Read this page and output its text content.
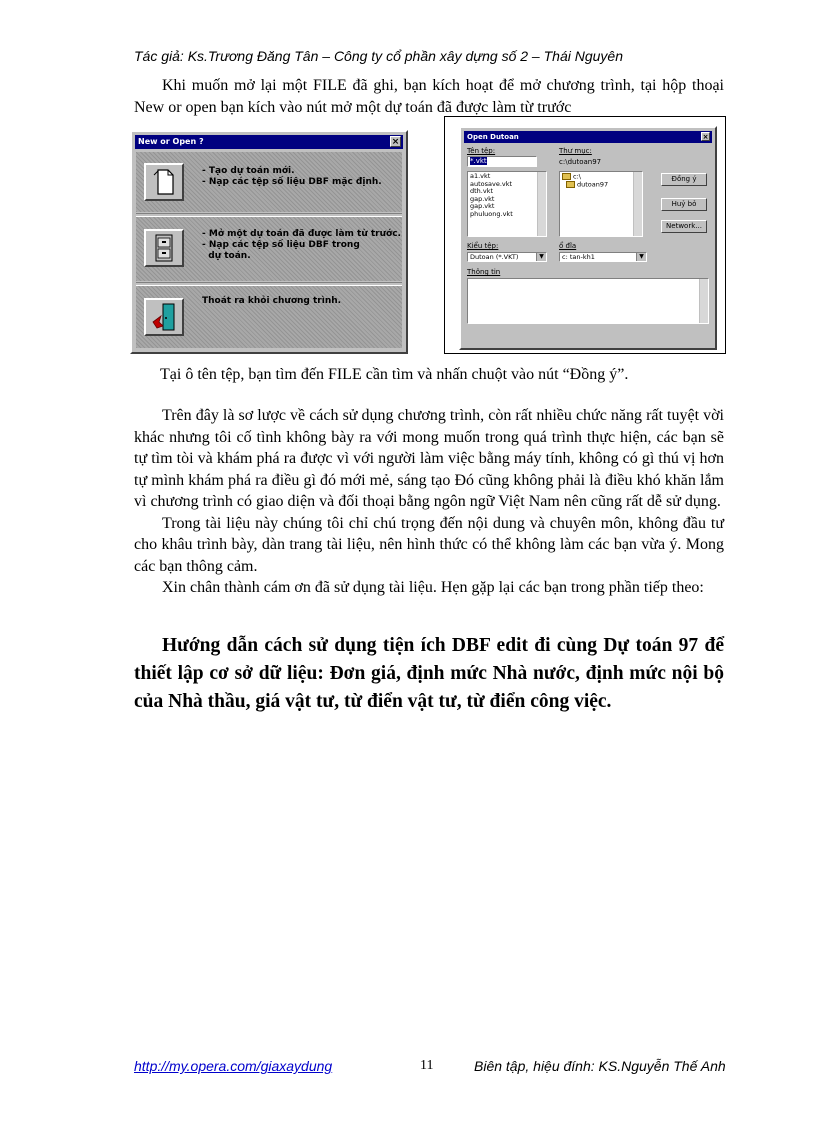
Tác giả: Ks.Trương Đăng Tân – Công ty cổ phần xây dựng số 2 – Thái Nguyên
Khi muốn mở lại một FILE đã ghi, bạn kích hoạt để mở chương trình, tại hộp thoại New or open bạn kích vào nút mở một dự toán đã được làm từ trước
New or Open ?	×
- Tạo dự toán mới.
- Nạp các tệp số liệu DBF mặc định.
- Mở một dự toán đã được làm từ trước.
- Nạp các tệp số liệu DBF trong
dự toán.
Thoát ra khỏi chương trình.
Open Dutoan	×
Tên tệp:
*.vkt
Thư mục:
c:\dutoan97
a1.vkt
autosave.vkt
dth.vkt
gap.vkt
gap.vkt
phuluong.vkt
c:\
dutoan97
Đồng ý
Huỷ bỏ
Network...
Kiểu tệp:
Dutoan (*.VKT)	▼
ổ đĩa
c: tan-kh1	▼
Thông tin
Tại ô tên tệp, bạn tìm đến FILE cần tìm và nhấn chuột vào nút “Đồng ý”.

Trên đây là sơ lược về cách sử dụng chương trình, còn rất nhiều chức năng rất tuyệt vời khác nhưng tôi cố tình không bày ra với mong muốn trong quá trình thực hiện, các bạn sẽ tự tìm tòi và khám phá ra được vì với người làm việc bằng máy tính, không có gì thú vị hơn tự mình khám phá ra điều gì đó mới mẻ, sáng tạo Đó cũng không phải là điều khó khăn lắm vì chương trình có giao diện và đối thoại bằng ngôn ngữ Việt Nam nên cũng rất dễ sử dụng.

Trong tài liệu này chúng tôi chỉ chú trọng đến nội dung và chuyên môn, không đầu tư cho khâu trình bày, dàn trang tài liệu, nên hình thức có thể không làm các bạn vừa ý. Mong các bạn thông cảm.

Xin chân thành cám ơn đã sử dụng tài liệu. Hẹn gặp lại các bạn trong phần tiếp theo:

Hướng dẫn cách sử dụng tiện ích DBF edit đi cùng Dự toán 97 để thiết lập cơ sở dữ liệu: Đơn giá, định mức Nhà nước, định mức nội bộ của Nhà thầu, giá vật tư, từ điển vật tư, từ điển công việc.
http://my.opera.com/giaxaydung	11	Biên tập, hiệu đính: KS.Nguyễn Thế Anh
